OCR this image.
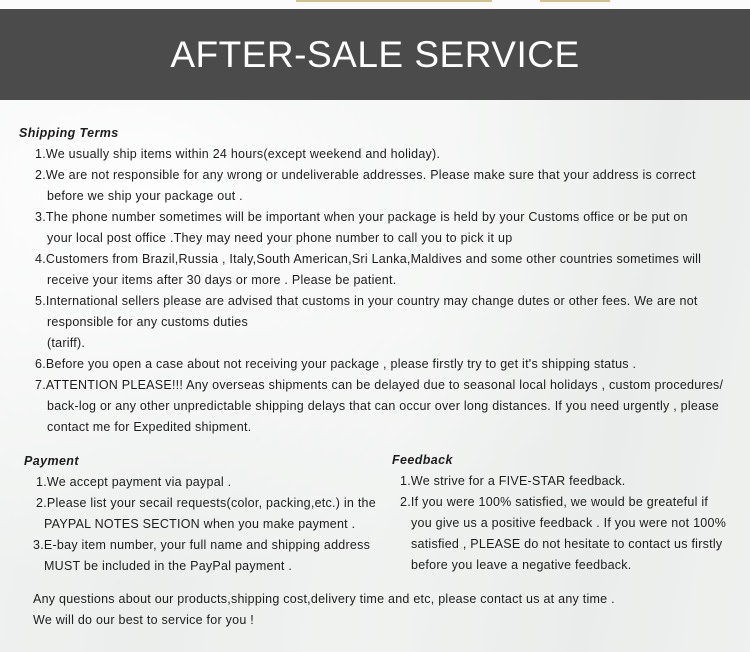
AFTER-SALE SERVICE
Shipping Terms
1.We usually ship items within 24 hours(except weekend and holiday).
2.We are not responsible for any wrong or undeliverable addresses. Please make sure that your address is correct
before we ship your package out .
3.The phone number sometimes will be important when your package is held by your Customs office or be put on
your local post office .They may need your phone number to call you to pick it up
4.Customers from Brazil,Russia , Italy,South American,Sri Lanka,Maldives and some other countries sometimes will
receive your items after 30 days or more . Please be patient.
5.International sellers please are advised that customs in your country may change dutes or other fees. We are not
responsible for any customs duties
(tariff).
6.Before you open a case about not receiving your package , please firstly try to get it's shipping status .
7.ATTENTION PLEASE!!! Any overseas shipments can be delayed due to seasonal local holidays , custom procedures/
back-log or any other unpredictable shipping delays that can occur over long distances. If you need urgently , please
contact me for Expedited shipment.
Payment
1.We accept payment via paypal .
2.Please list your secail requests(color, packing,etc.) in the
PAYPAL NOTES SECTION when you make payment .
3.E-bay item number, your full name and shipping address
MUST be included in the PayPal payment .
Feedback
1.We strive for a FIVE-STAR feedback.
2.If you were 100% satisfied, we would be greateful if
you give us a positive feedback . If you were not 100%
satisfied , PLEASE do not hesitate to contact us firstly
before you leave a negative feedback.
Any questions about our products,shipping cost,delivery time and etc, please contact us at any time .
We will do our best to service for you !
